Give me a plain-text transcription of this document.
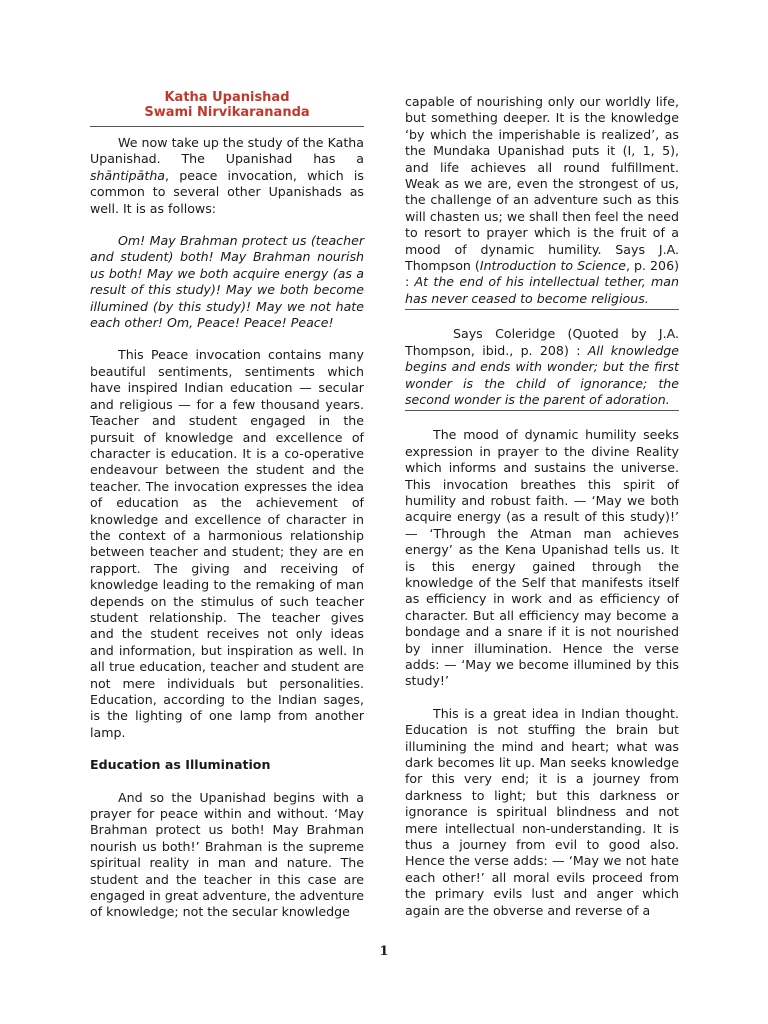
Katha Upanishad
Swami Nirvikarananda

We now take up the study of the Katha Upanishad. The Upanishad has a shāntipātha, peace invocation, which is common to several other Upanishads as well. It is as follows:

Om! May Brahman protect us (teacher and student) both! May Brahman nourish us both! May we both acquire energy (as a result of this study)! May we both become illumined (by this study)! May we not hate each other! Om, Peace! Peace! Peace!

This Peace invocation contains many beautiful sentiments, sentiments which have inspired Indian education — secular and religious — for a few thousand years. Teacher and student engaged in the pursuit of knowledge and excellence of character is education. It is a co-operative endeavour between the student and the teacher. The invocation expresses the idea of education as the achievement of knowledge and excellence of character in the context of a harmonious relationship between teacher and student; they are en rapport. The giving and receiving of knowledge leading to the remaking of man depends on the stimulus of such teacher student relationship. The teacher gives and the student receives not only ideas and information, but inspiration as well. In all true education, teacher and student are not mere individuals but personalities. Education, according to the Indian sages, is the lighting of one lamp from another lamp.

Education as Illumination

And so the Upanishad begins with a prayer for peace within and without. ‘May Brahman protect us both! May Brahman nourish us both!’ Brahman is the supreme spiritual reality in man and nature. The student and the teacher in this case are engaged in great adventure, the adventure of knowledge; not the secular knowledge

capable of nourishing only our worldly life, but something deeper. It is the knowledge ‘by which the imperishable is realized’, as the Mundaka Upanishad puts it (I, 1, 5), and life achieves all round fulfillment. Weak as we are, even the strongest of us, the challenge of an adventure such as this will chasten us; we shall then feel the need to resort to prayer which is the fruit of a mood of dynamic humility. Says J.A. Thompson (Introduction to Science, p. 206) : At the end of his intellectual tether, man has never ceased to become religious.

Says Coleridge (Quoted by J.A. Thompson, ibid., p. 208) : All knowledge begins and ends with wonder; but the first wonder is the child of ignorance; the second wonder is the parent of adoration.

The mood of dynamic humility seeks expression in prayer to the divine Reality which informs and sustains the universe. This invocation breathes this spirit of humility and robust faith. — ‘May we both acquire energy (as a result of this study)!’ — ‘Through the Atman man achieves energy’ as the Kena Upanishad tells us. It is this energy gained through the knowledge of the Self that manifests itself as efficiency in work and as efficiency of character. But all efficiency may become a bondage and a snare if it is not nourished by inner illumination. Hence the verse adds: — ‘May we become illumined by this study!’

This is a great idea in Indian thought. Education is not stuffing the brain but illumining the mind and heart; what was dark becomes lit up. Man seeks knowledge for this very end; it is a journey from darkness to light; but this darkness or ignorance is spiritual blindness and not mere intellectual non-understanding. It is thus a journey from evil to good also. Hence the verse adds: — ‘May we not hate each other!’ all moral evils proceed from the primary evils lust and anger which again are the obverse and reverse of a

1
